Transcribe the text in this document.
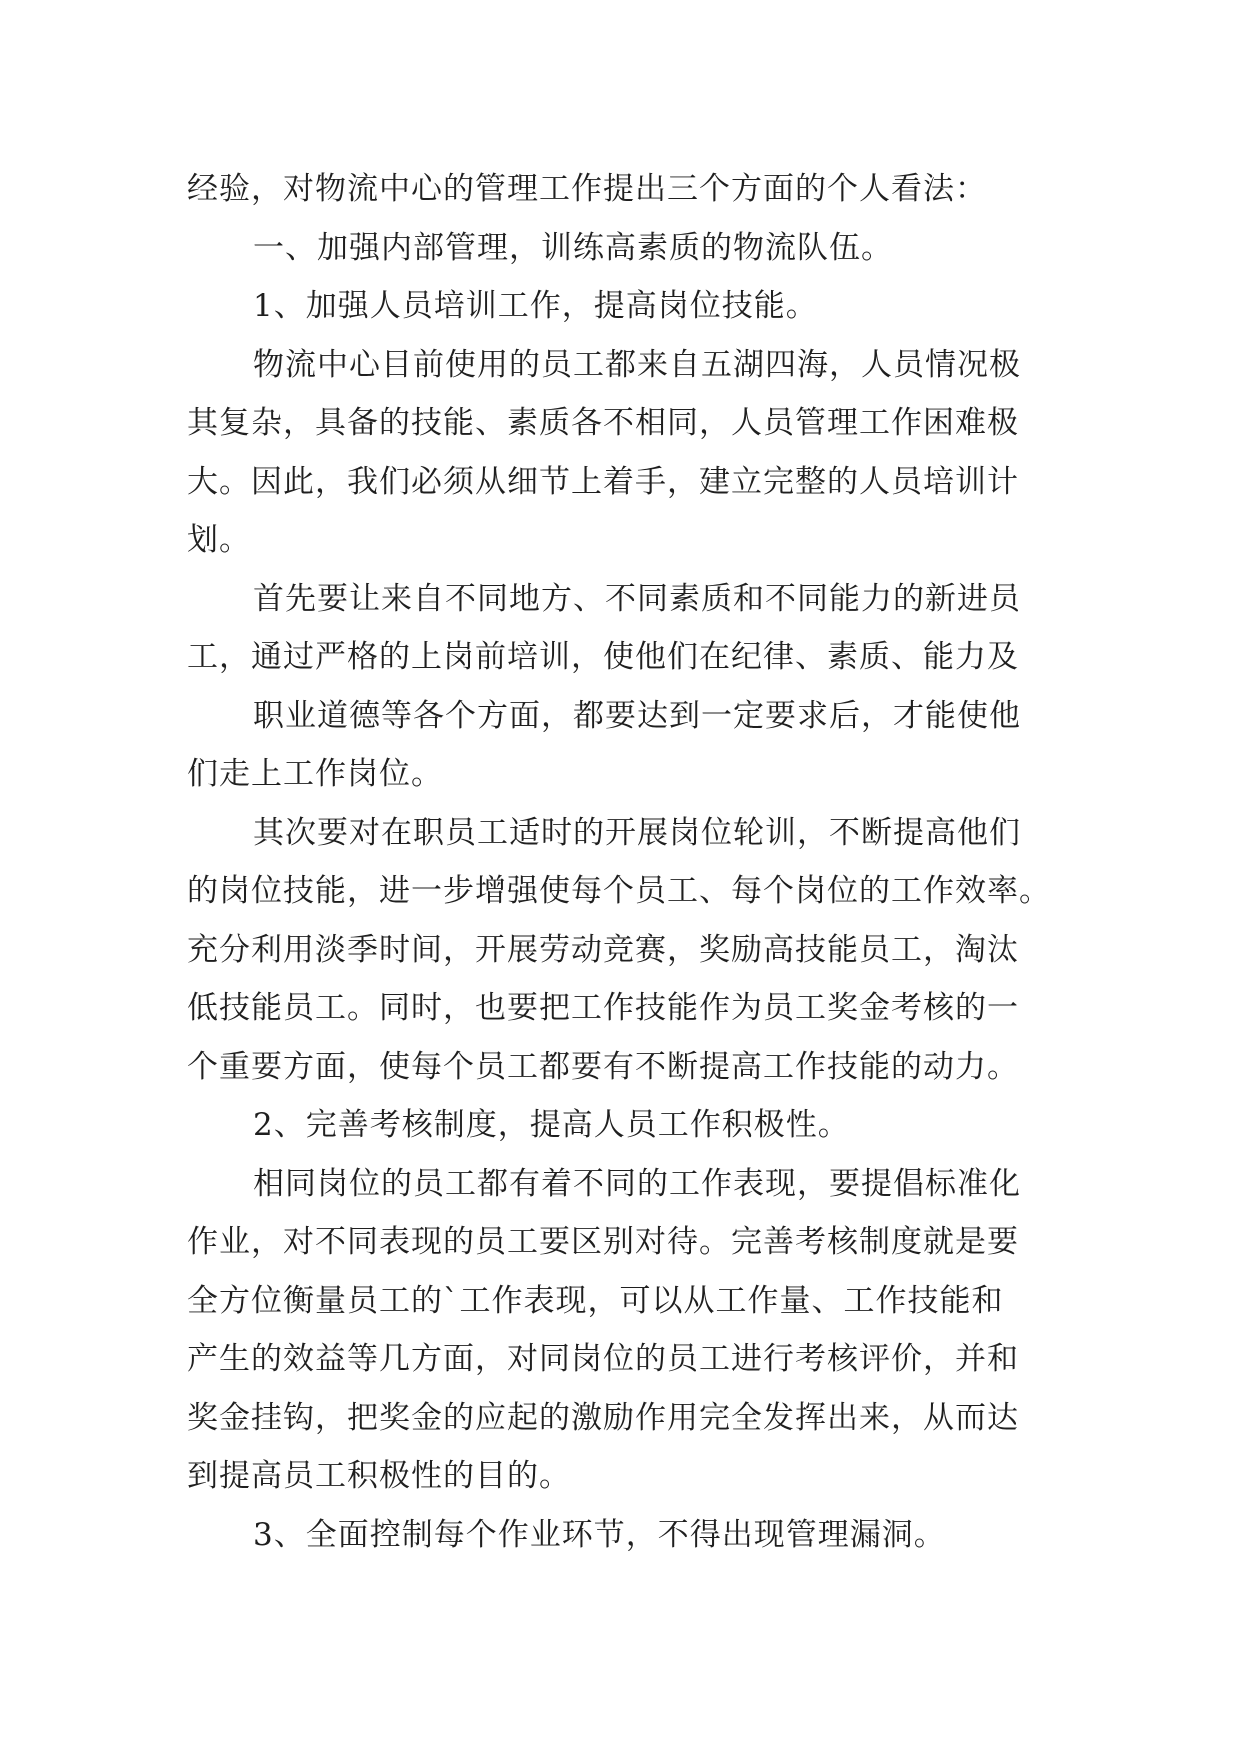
经验，对物流中心的管理工作提出三个方面的个人看法：
一、加强内部管理，训练高素质的物流队伍。
1、加强人员培训工作，提高岗位技能。
物流中心目前使用的员工都来自五湖四海，人员情况极
其复杂，具备的技能、素质各不相同，人员管理工作困难极
大。因此，我们必须从细节上着手，建立完整的人员培训计
划。
首先要让来自不同地方、不同素质和不同能力的新进员
工，通过严格的上岗前培训，使他们在纪律、素质、能力及
职业道德等各个方面，都要达到一定要求后，才能使他
们走上工作岗位。
其次要对在职员工适时的开展岗位轮训，不断提高他们
的岗位技能，进一步增强使每个员工、每个岗位的工作效率。
充分利用淡季时间，开展劳动竞赛，奖励高技能员工，淘汰
低技能员工。同时，也要把工作技能作为员工奖金考核的一
个重要方面，使每个员工都要有不断提高工作技能的动力。
2、完善考核制度，提高人员工作积极性。
相同岗位的员工都有着不同的工作表现，要提倡标准化
作业，对不同表现的员工要区别对待。完善考核制度就是要
全方位衡量员工的`工作表现，可以从工作量、工作技能和
产生的效益等几方面，对同岗位的员工进行考核评价，并和
奖金挂钩，把奖金的应起的激励作用完全发挥出来，从而达
到提高员工积极性的目的。
3、全面控制每个作业环节，不得出现管理漏洞。
